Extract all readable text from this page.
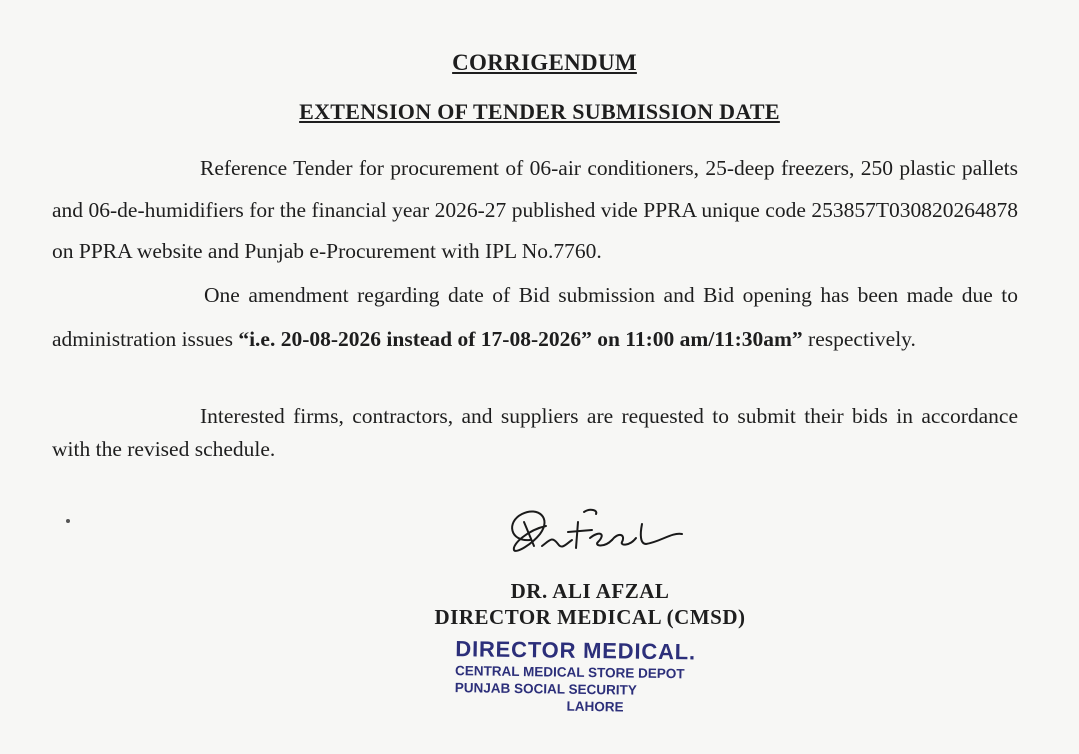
CORRIGENDUM
EXTENSION OF TENDER SUBMISSION DATE
Reference Tender for procurement of 06-air conditioners, 25-deep freezers, 250 plastic pallets and 06-de-humidifiers for the financial year 2026-27 published vide PPRA unique code 253857T030820264878 on PPRA website and Punjab e-Procurement with IPL No.7760.
One amendment regarding date of Bid submission and Bid opening has been made due to administration issues “i.e. 20-08-2026 instead of 17-08-2026” on 11:00 am/11:30am” respectively.
Interested firms, contractors, and suppliers are requested to submit their bids in accordance with the revised schedule.
DR. ALI AFZAL
DIRECTOR MEDICAL (CMSD)
DIRECTOR MEDICAL.
CENTRAL MEDICAL STORE DEPOT
PUNJAB SOCIAL SECURITY
LAHORE
